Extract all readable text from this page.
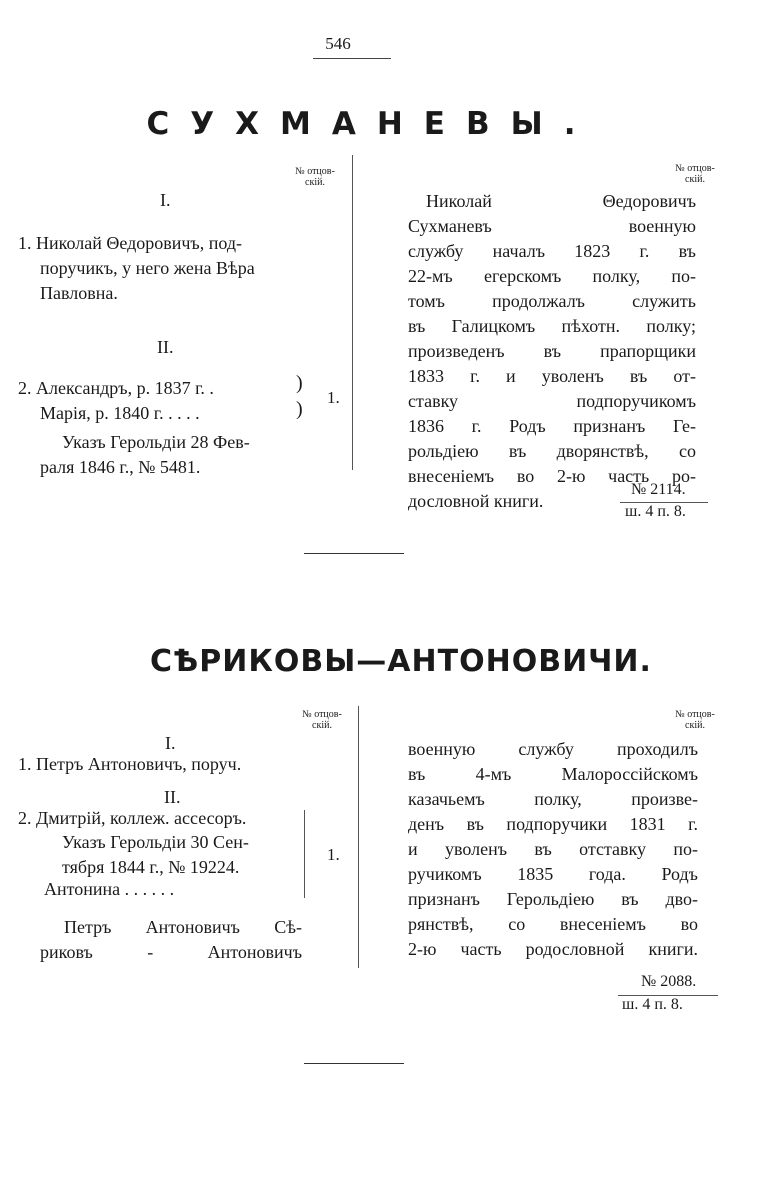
546
СУХМАНЕВЫ.
№ отцов-
скій.
№ отцов-
скій.
I.
1. Николай Θедоровичъ, под-
поручикъ, у него жена Вѣра
Павловна.
II.
2. Александръ, р. 1837 г. .
Марія, р. 1840 г. . . . .
)
)
1.
Указъ Герольдіи 28 Фев-
раля 1846 г., № 5481.
Николай Θедоровичъ
Сухманевъ военную
службу началъ 1823 г. въ
22-мъ егерскомъ полку, по-
томъ продолжалъ служить
въ Галицкомъ пѣхотн. полку;
произведенъ въ прапорщики
1833 г. и уволенъ въ от-
ставку подпоручикомъ
1836 г. Родъ признанъ Ге-
рольдіею въ дворянствѣ, со
внесеніемъ во 2-ю часть ро-
дословной книги.
№ 2114.
ш. 4 п. 8.
СѢРИКОВЫ—АНТОНОВИЧИ.
№ отцов-
скій.
№ отцов-
скій.
I.
1. Петръ Антоновичъ, поруч.
II.
2. Дмитрій, коллеж. ассесоръ.
Указъ Герольдіи 30 Сен-
тября 1844 г., № 19224.
Антонина . . . . . .
1.
Петръ Антоновичъ Сѣ-
риковъ - Антоновичъ
военную службу проходилъ
въ 4-мъ Малороссійскомъ
казачьемъ полку, произве-
денъ въ подпоручики 1831 г.
и уволенъ въ отставку по-
ручикомъ 1835 года. Родъ
признанъ Герольдіею въ дво-
рянствѣ, со внесеніемъ во
2-ю часть родословной книги.
№ 2088.
ш. 4 п. 8.
